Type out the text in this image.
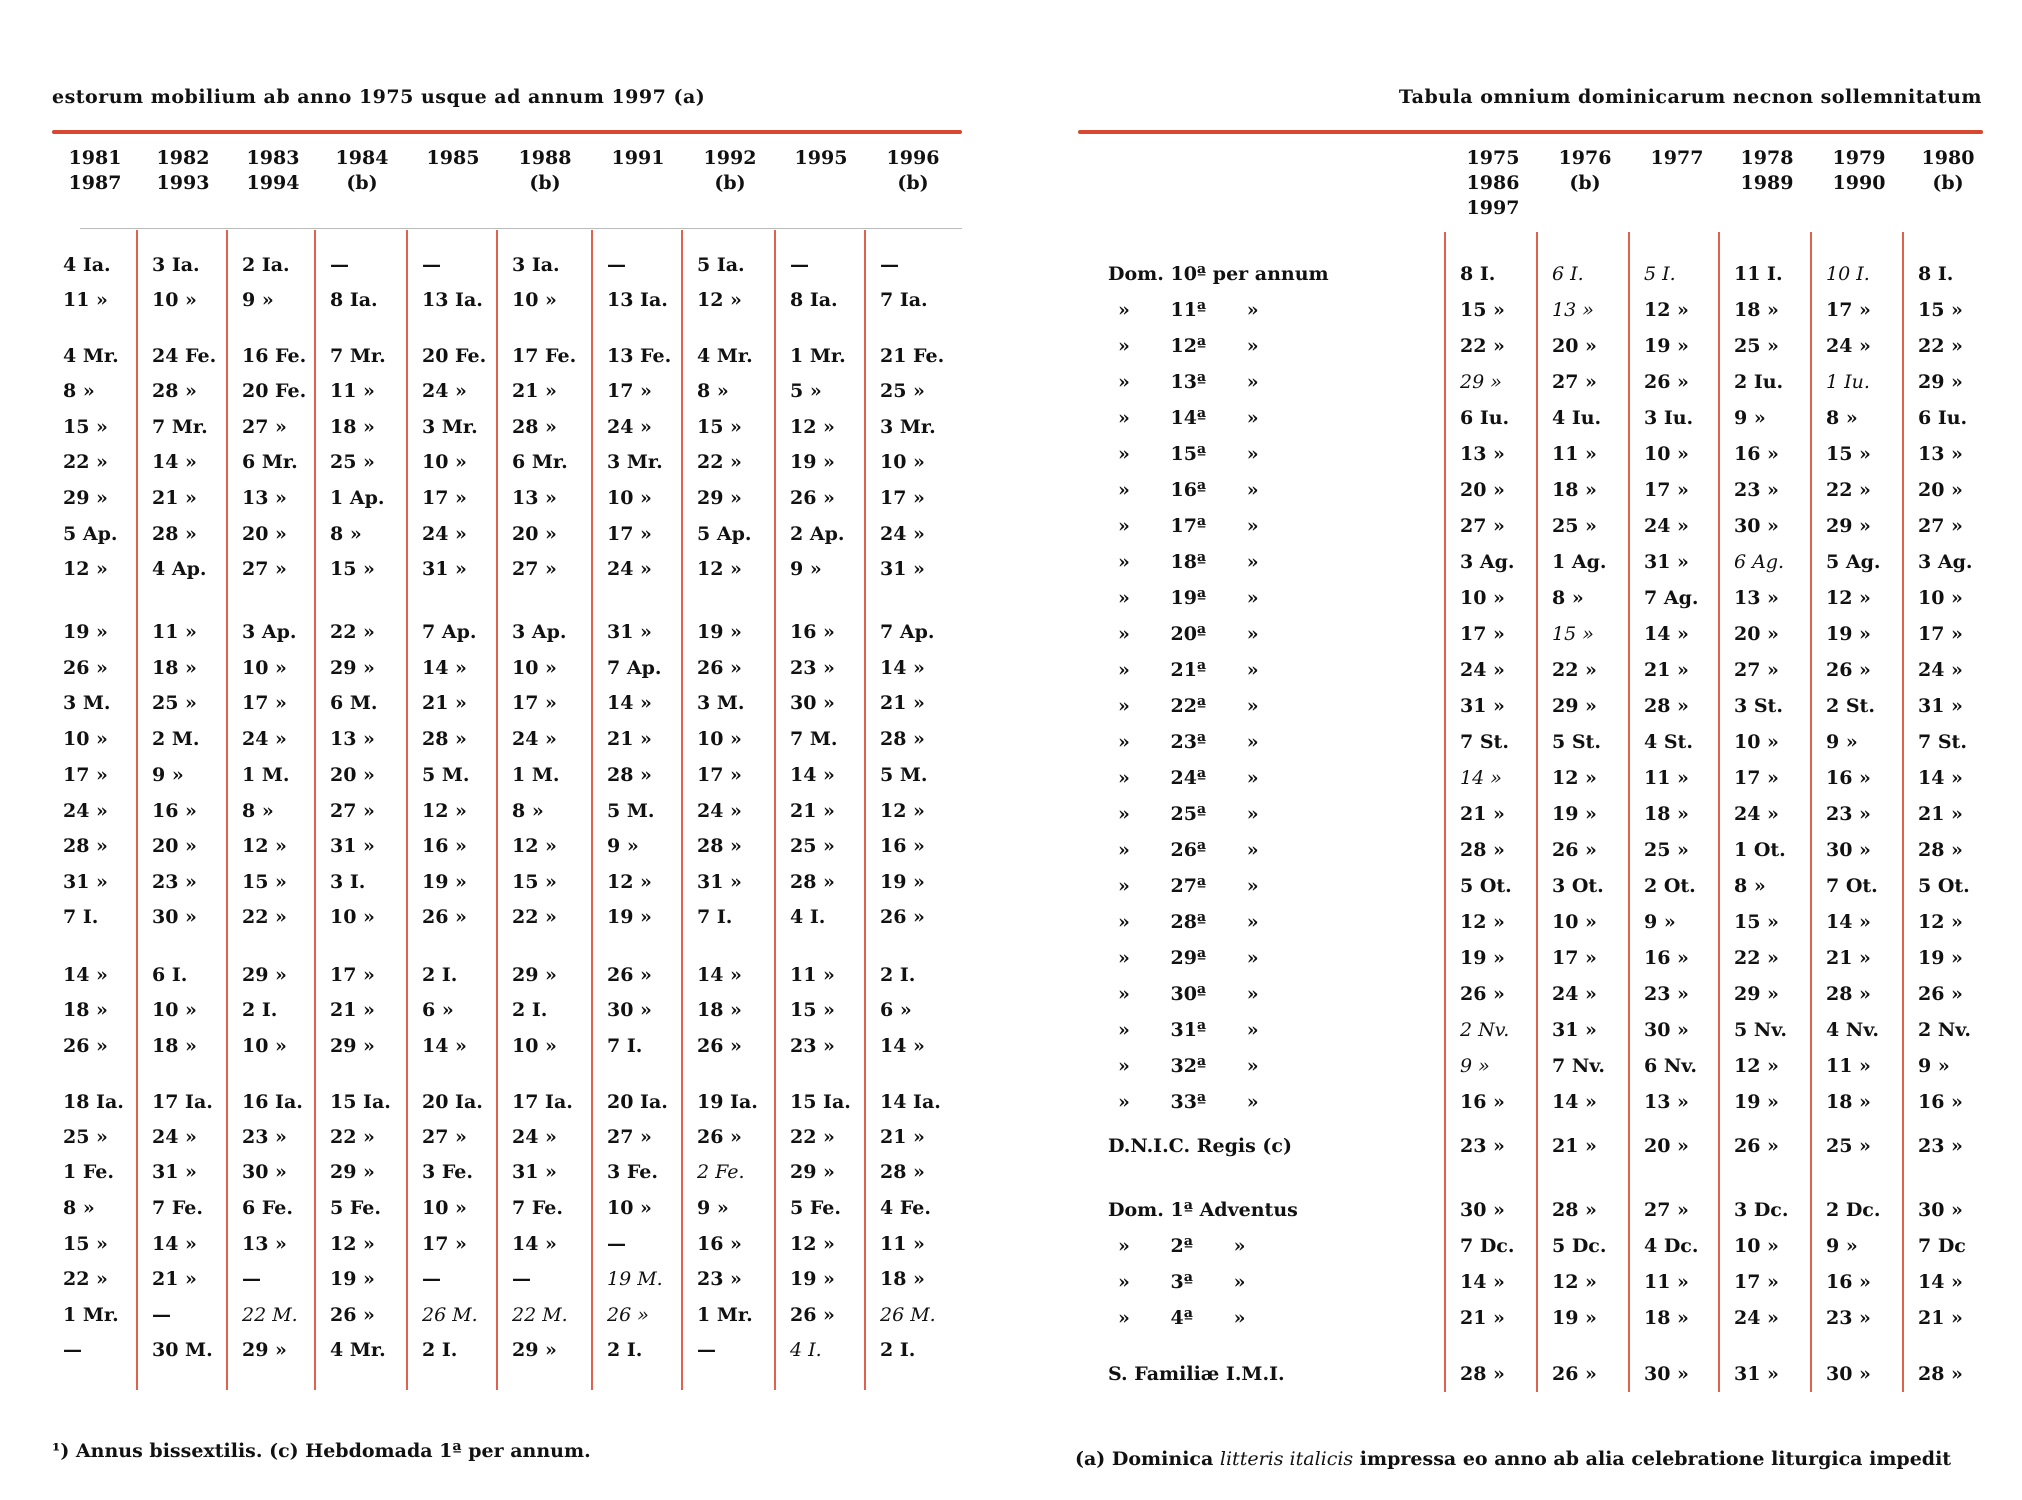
estorum mobilium ab anno 1975 usque ad annum 1997 (a)
¹) Annus bissextilis. (c) Hebdomada 1ª per annum.
1981
1987
4 Ia.
11 »
4 Mr.
8 »
15 »
22 »
29 »
5 Ap.
12 »
19 »
26 »
3 M.
10 »
17 »
24 »
28 »
31 »
7 I.
14 »
18 »
26 »
18 Ia.
25 »
1 Fe.
8 »
15 »
22 »
1 Mr.
—
1982
1993
3 Ia.
10 »
24 Fe.
28 »
7 Mr.
14 »
21 »
28 »
4 Ap.
11 »
18 »
25 »
2 M.
9 »
16 »
20 »
23 »
30 »
6 I.
10 »
18 »
17 Ia.
24 »
31 »
7 Fe.
14 »
21 »
—
30 M.
1983
1994
2 Ia.
9 »
16 Fe.
20 Fe.
27 »
6 Mr.
13 »
20 »
27 »
3 Ap.
10 »
17 »
24 »
1 M.
8 »
12 »
15 »
22 »
29 »
2 I.
10 »
16 Ia.
23 »
30 »
6 Fe.
13 »
—
22 M.
29 »
1984
(b)
—
8 Ia.
7 Mr.
11 »
18 »
25 »
1 Ap.
8 »
15 »
22 »
29 »
6 M.
13 »
20 »
27 »
31 »
3 I.
10 »
17 »
21 »
29 »
15 Ia.
22 »
29 »
5 Fe.
12 »
19 »
26 »
4 Mr.
1985
—
13 Ia.
20 Fe.
24 »
3 Mr.
10 »
17 »
24 »
31 »
7 Ap.
14 »
21 »
28 »
5 M.
12 »
16 »
19 »
26 »
2 I.
6 »
14 »
20 Ia.
27 »
3 Fe.
10 »
17 »
—
26 M.
2 I.
1988
(b)
3 Ia.
10 »
17 Fe.
21 »
28 »
6 Mr.
13 »
20 »
27 »
3 Ap.
10 »
17 »
24 »
1 M.
8 »
12 »
15 »
22 »
29 »
2 I.
10 »
17 Ia.
24 »
31 »
7 Fe.
14 »
—
22 M.
29 »
1991
—
13 Ia.
13 Fe.
17 »
24 »
3 Mr.
10 »
17 »
24 »
31 »
7 Ap.
14 »
21 »
28 »
5 M.
9 »
12 »
19 »
26 »
30 »
7 I.
20 Ia.
27 »
3 Fe.
10 »
—
19 M.
26 »
2 I.
1992
(b)
5 Ia.
12 »
4 Mr.
8 »
15 »
22 »
29 »
5 Ap.
12 »
19 »
26 »
3 M.
10 »
17 »
24 »
28 »
31 »
7 I.
14 »
18 »
26 »
19 Ia.
26 »
2 Fe.
9 »
16 »
23 »
1 Mr.
—
1995
—
8 Ia.
1 Mr.
5 »
12 »
19 »
26 »
2 Ap.
9 »
16 »
23 »
30 »
7 M.
14 »
21 »
25 »
28 »
4 I.
11 »
15 »
23 »
15 Ia.
22 »
29 »
5 Fe.
12 »
19 »
26 »
4 I.
1996
(b)
—
7 Ia.
21 Fe.
25 »
3 Mr.
10 »
17 »
24 »
31 »
7 Ap.
14 »
21 »
28 »
5 M.
12 »
16 »
19 »
26 »
2 I.
6 »
14 »
14 Ia.
21 »
28 »
4 Fe.
11 »
18 »
26 M.
2 I.
Tabula omnium dominicarum necnon sollemnitatum
(a) Dominica litteris italicis impressa eo anno ab alia celebratione liturgica impedit
Dom. 10ª per annum
» 11ª »
» 12ª »
» 13ª »
» 14ª »
» 15ª »
» 16ª »
» 17ª »
» 18ª »
» 19ª »
» 20ª »
» 21ª »
» 22ª »
» 23ª »
» 24ª »
» 25ª »
» 26ª »
» 27ª »
» 28ª »
» 29ª »
» 30ª »
» 31ª »
» 32ª »
» 33ª »
D.N.I.C. Regis (c)
Dom. 1ª Adventus
» 2ª »
» 3ª »
» 4ª »
S. Familiæ I.M.I.
1975
1986
1997
8 I.
15 »
22 »
29 »
6 Iu.
13 »
20 »
27 »
3 Ag.
10 »
17 »
24 »
31 »
7 St.
14 »
21 »
28 »
5 Ot.
12 »
19 »
26 »
2 Nv.
9 »
16 »
23 »
30 »
7 Dc.
14 »
21 »
28 »
1976
(b)
6 I.
13 »
20 »
27 »
4 Iu.
11 »
18 »
25 »
1 Ag.
8 »
15 »
22 »
29 »
5 St.
12 »
19 »
26 »
3 Ot.
10 »
17 »
24 »
31 »
7 Nv.
14 »
21 »
28 »
5 Dc.
12 »
19 »
26 »
1977
5 I.
12 »
19 »
26 »
3 Iu.
10 »
17 »
24 »
31 »
7 Ag.
14 »
21 »
28 »
4 St.
11 »
18 »
25 »
2 Ot.
9 »
16 »
23 »
30 »
6 Nv.
13 »
20 »
27 »
4 Dc.
11 »
18 »
30 »
1978
1989
11 I.
18 »
25 »
2 Iu.
9 »
16 »
23 »
30 »
6 Ag.
13 »
20 »
27 »
3 St.
10 »
17 »
24 »
1 Ot.
8 »
15 »
22 »
29 »
5 Nv.
12 »
19 »
26 »
3 Dc.
10 »
17 »
24 »
31 »
1979
1990
10 I.
17 »
24 »
1 Iu.
8 »
15 »
22 »
29 »
5 Ag.
12 »
19 »
26 »
2 St.
9 »
16 »
23 »
30 »
7 Ot.
14 »
21 »
28 »
4 Nv.
11 »
18 »
25 »
2 Dc.
9 »
16 »
23 »
30 »
1980
(b)
8 I.
15 »
22 »
29 »
6 Iu.
13 »
20 »
27 »
3 Ag.
10 »
17 »
24 »
31 »
7 St.
14 »
21 »
28 »
5 Ot.
12 »
19 »
26 »
2 Nv.
9 »
16 »
23 »
30 »
7 Dc
14 »
21 »
28 »
